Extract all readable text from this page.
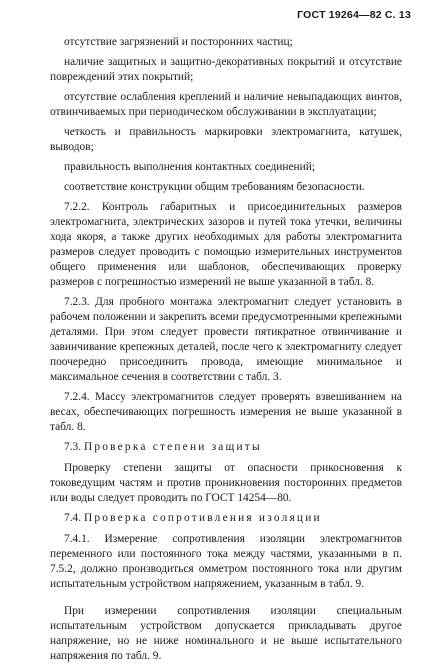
ГОСТ 19264—82 С. 13

отсутствие загрязнений и посторонних частиц;

наличие защитных и защитно-декоративных покрытий и отсутствие повреждений этих покрытий;

отсутствие ослабления креплений и наличие невыпадающих винтов, отвинчиваемых при периодическом обслуживании в эксплуатации;

четкость и правильность маркировки электромагнита, катушек, выводов;

правильность выполнения контактных соединений;

соответствие конструкции общим требованиям безопасности.

7.2.2. Контроль габаритных и присоединительных размеров электромагнита, электрических зазоров и путей тока утечки, величины хода якоря, а также других необходимых для работы электромагнита размеров следует проводить с помощью измерительных инструментов общего применения или шаблонов, обеспечивающих проверку размеров с погрешностью измерений не выше указанной в табл. 8.

7.2.3. Для пробного монтажа электромагнит следует установить в рабочем положении и закрепить всеми предусмотренными крепежными деталями. При этом следует провести пятикратное отвинчивание и завинчивание крепежных деталей, после чего к электромагниту следует поочередно присоединить провода, имеющие минимальное и максимальное сечения в соответствии с табл. 3.

7.2.4. Массу электромагнитов следует проверять взвешиванием на весах, обеспечивающих погрешность измерения не выше указанной в табл. 8.

7.3. Проверка степени защиты

Проверку степени защиты от опасности прикосновения к токоведущим частям и против проникновения посторонних предметов или воды следует проводить по ГОСТ 14254—80.

7.4. Проверка сопротивления изоляции

7.4.1. Измерение сопротивления изоляции электромагнитов переменного или постоянного тока между частями, указанными в п. 7.5.2, должно производиться омметром постоянного тока или другим испытательным устройством напряжением, указанным в табл. 9.

При измерении сопротивления изоляции специальным испытательным устройством допускается прикладывать другое напряжение, но не ниже номинального и не выше испытательного напряжения по табл. 9.
